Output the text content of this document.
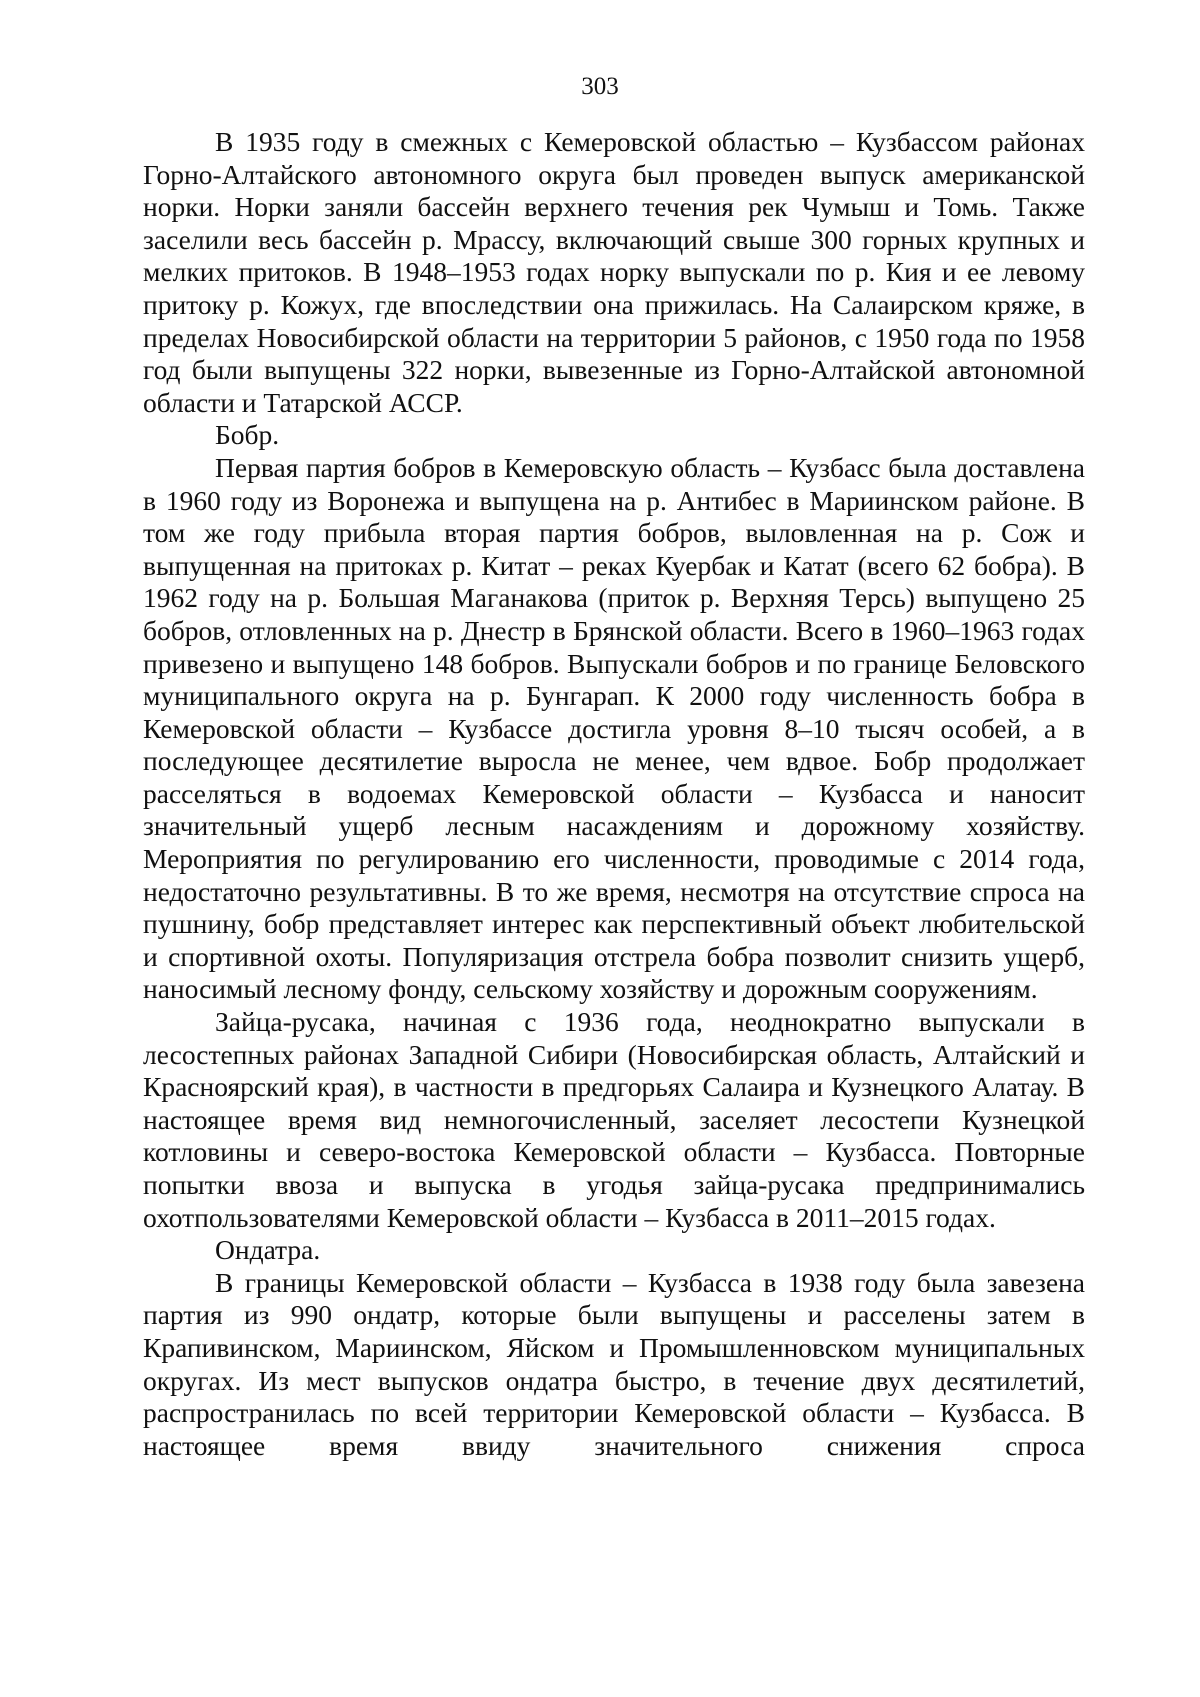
303

В 1935 году в смежных с Кемеровской областью – Кузбассом районах Горно-Алтайского автономного округа был проведен выпуск американской норки. Норки заняли бассейн верхнего течения рек Чумыш и Томь. Также заселили весь бассейн р. Мрассу, включающий свыше 300 горных крупных и мелких притоков. В 1948–1953 годах норку выпускали по р. Кия и ее левому притоку р. Кожух, где впоследствии она прижилась. На Салаирском кряже, в пределах Новосибирской области на территории 5 районов, с 1950 года по 1958 год были выпущены 322 норки, вывезенные из Горно-Алтайской автономной области и Татарской АССР.

Бобр.

Первая партия бобров в Кемеровскую область – Кузбасс была доставлена в 1960 году из Воронежа и выпущена на р. Антибес в Мариинском районе. В том же году прибыла вторая партия бобров, выловленная на р. Сож и выпущенная на притоках р. Китат – реках Куербак и Катат (всего 62 бобра). В 1962 году на р. Большая Маганакова (приток р. Верхняя Терсь) выпущено 25 бобров, отловленных на р. Днестр в Брянской области. Всего в 1960–1963 годах привезено и выпущено 148 бобров. Выпускали бобров и по границе Беловского муниципального округа на р. Бунгарап. К 2000 году численность бобра в Кемеровской области – Кузбассе достигла уровня 8–10 тысяч особей, а в последующее десятилетие выросла не менее, чем вдвое. Бобр продолжает расселяться в водоемах Кемеровской области – Кузбасса и наносит значительный ущерб лесным насаждениям и дорожному хозяйству. Мероприятия по регулированию его численности, проводимые с 2014 года, недостаточно результативны. В то же время, несмотря на отсутствие спроса на пушнину, бобр представляет интерес как перспективный объект любительской и спортивной охоты. Популяризация отстрела бобра позволит снизить ущерб, наносимый лесному фонду, сельскому хозяйству и дорожным сооружениям.

Зайца-русака, начиная с 1936 года, неоднократно выпускали в лесостепных районах Западной Сибири (Новосибирская область, Алтайский и Красноярский края), в частности в предгорьях Салаира и Кузнецкого Алатау. В настоящее время вид немногочисленный, заселяет лесостепи Кузнецкой котловины и северо-востока Кемеровской области – Кузбасса. Повторные попытки ввоза и выпуска в угодья зайца-русака предпринимались охотпользователями Кемеровской области – Кузбасса в 2011–2015 годах.

Ондатра.

В границы Кемеровской области – Кузбасса в 1938 году была завезена партия из 990 ондатр, которые были выпущены и расселены затем в Крапивинском, Мариинском, Яйском и Промышленновском муниципальных округах. Из мест выпусков ондатра быстро, в течение двух десятилетий, распространилась по всей территории Кемеровской области – Кузбасса. В настоящее время ввиду значительного снижения спроса
